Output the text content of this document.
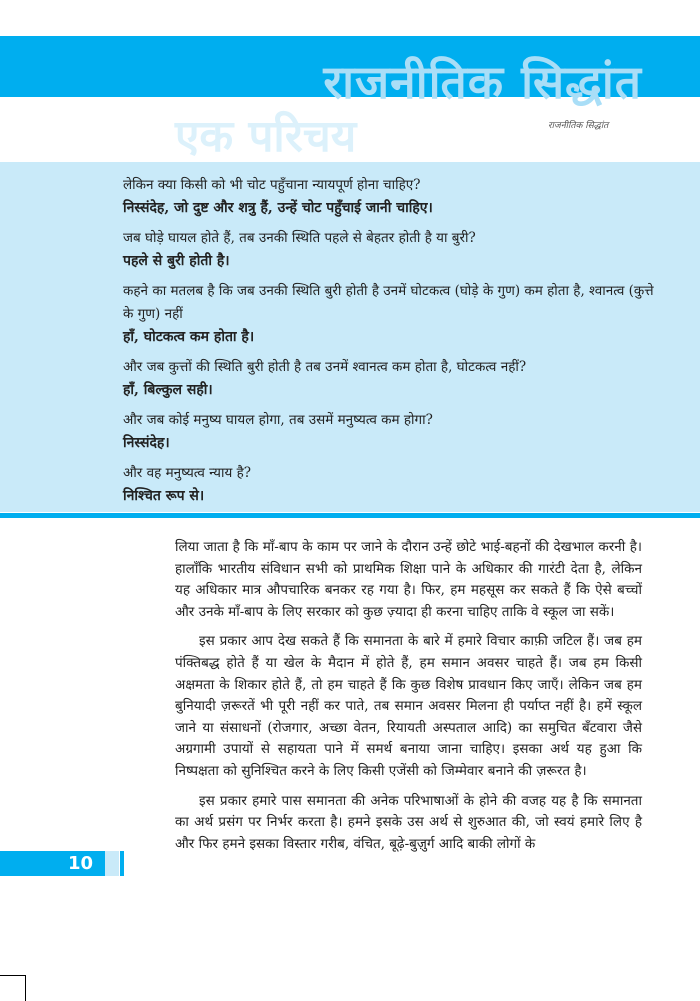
राजनीतिक सिद्धांत
एक परिचय	राजनीतिक सिद्धांत
लेकिन क्या किसी को भी चोट पहुँचाना न्यायपूर्ण होना चाहिए?
निस्संदेह, जो दुष्ट और शत्रु हैं, उन्हें चोट पहुँचाई जानी चाहिए।
जब घोड़े घायल होते हैं, तब उनकी स्थिति पहले से बेहतर होती है या बुरी?
पहले से बुरी होती है।
कहने का मतलब है कि जब उनकी स्थिति बुरी होती है उनमें घोटकत्व (घोड़े के गुण) कम होता है, श्वानत्व (कुत्ते के गुण) नहीं
हाँ, घोटकत्व कम होता है।
और जब कुत्तों की स्थिति बुरी होती है तब उनमें श्वानत्व कम होता है, घोटकत्व नहीं?
हाँ, बिल्कुल सही।
और जब कोई मनुष्य घायल होगा, तब उसमें मनुष्यत्व कम होगा?
निस्संदेह।
और वह मनुष्यत्व न्याय है?
निश्चित रूप से।

लिया जाता है कि माँ-बाप के काम पर जाने के दौरान उन्हें छोटे भाई-बहनों की देखभाल करनी है। हालाँकि भारतीय संविधान सभी को प्राथमिक शिक्षा पाने के अधिकार की गारंटी देता है, लेकिन यह अधिकार मात्र औपचारिक बनकर रह गया है। फिर, हम महसूस कर सकते हैं कि ऐसे बच्चों और उनके माँ-बाप के लिए सरकार को कुछ ज़्यादा ही करना चाहिए ताकि वे स्कूल जा सकें।

इस प्रकार आप देख सकते हैं कि समानता के बारे में हमारे विचार काफ़ी जटिल हैं। जब हम पंक्तिबद्ध होते हैं या खेल के मैदान में होते हैं, हम समान अवसर चाहते हैं। जब हम किसी अक्षमता के शिकार होते हैं, तो हम चाहते हैं कि कुछ विशेष प्रावधान किए जाएँ। लेकिन जब हम बुनियादी ज़रूरतें भी पूरी नहीं कर पाते, तब समान अवसर मिलना ही पर्याप्त नहीं है। हमें स्कूल जाने या संसाधनों (रोजगार, अच्छा वेतन, रियायती अस्पताल आदि) का समुचित बँटवारा जैसे अग्रगामी उपायों से सहायता पाने में समर्थ बनाया जाना चाहिए। इसका अर्थ यह हुआ कि निष्पक्षता को सुनिश्चित करने के लिए किसी एजेंसी को जिम्मेवार बनाने की ज़रूरत है।

इस प्रकार हमारे पास समानता की अनेक परिभाषाओं के होने की वजह यह है कि समानता का अर्थ प्रसंग पर निर्भर करता है। हमने इसके उस अर्थ से शुरुआत की, जो स्वयं हमारे लिए है और फिर हमने इसका विस्तार गरीब, वंचित, बूढ़े-बुज़ुर्ग आदि बाकी लोगों के

10
